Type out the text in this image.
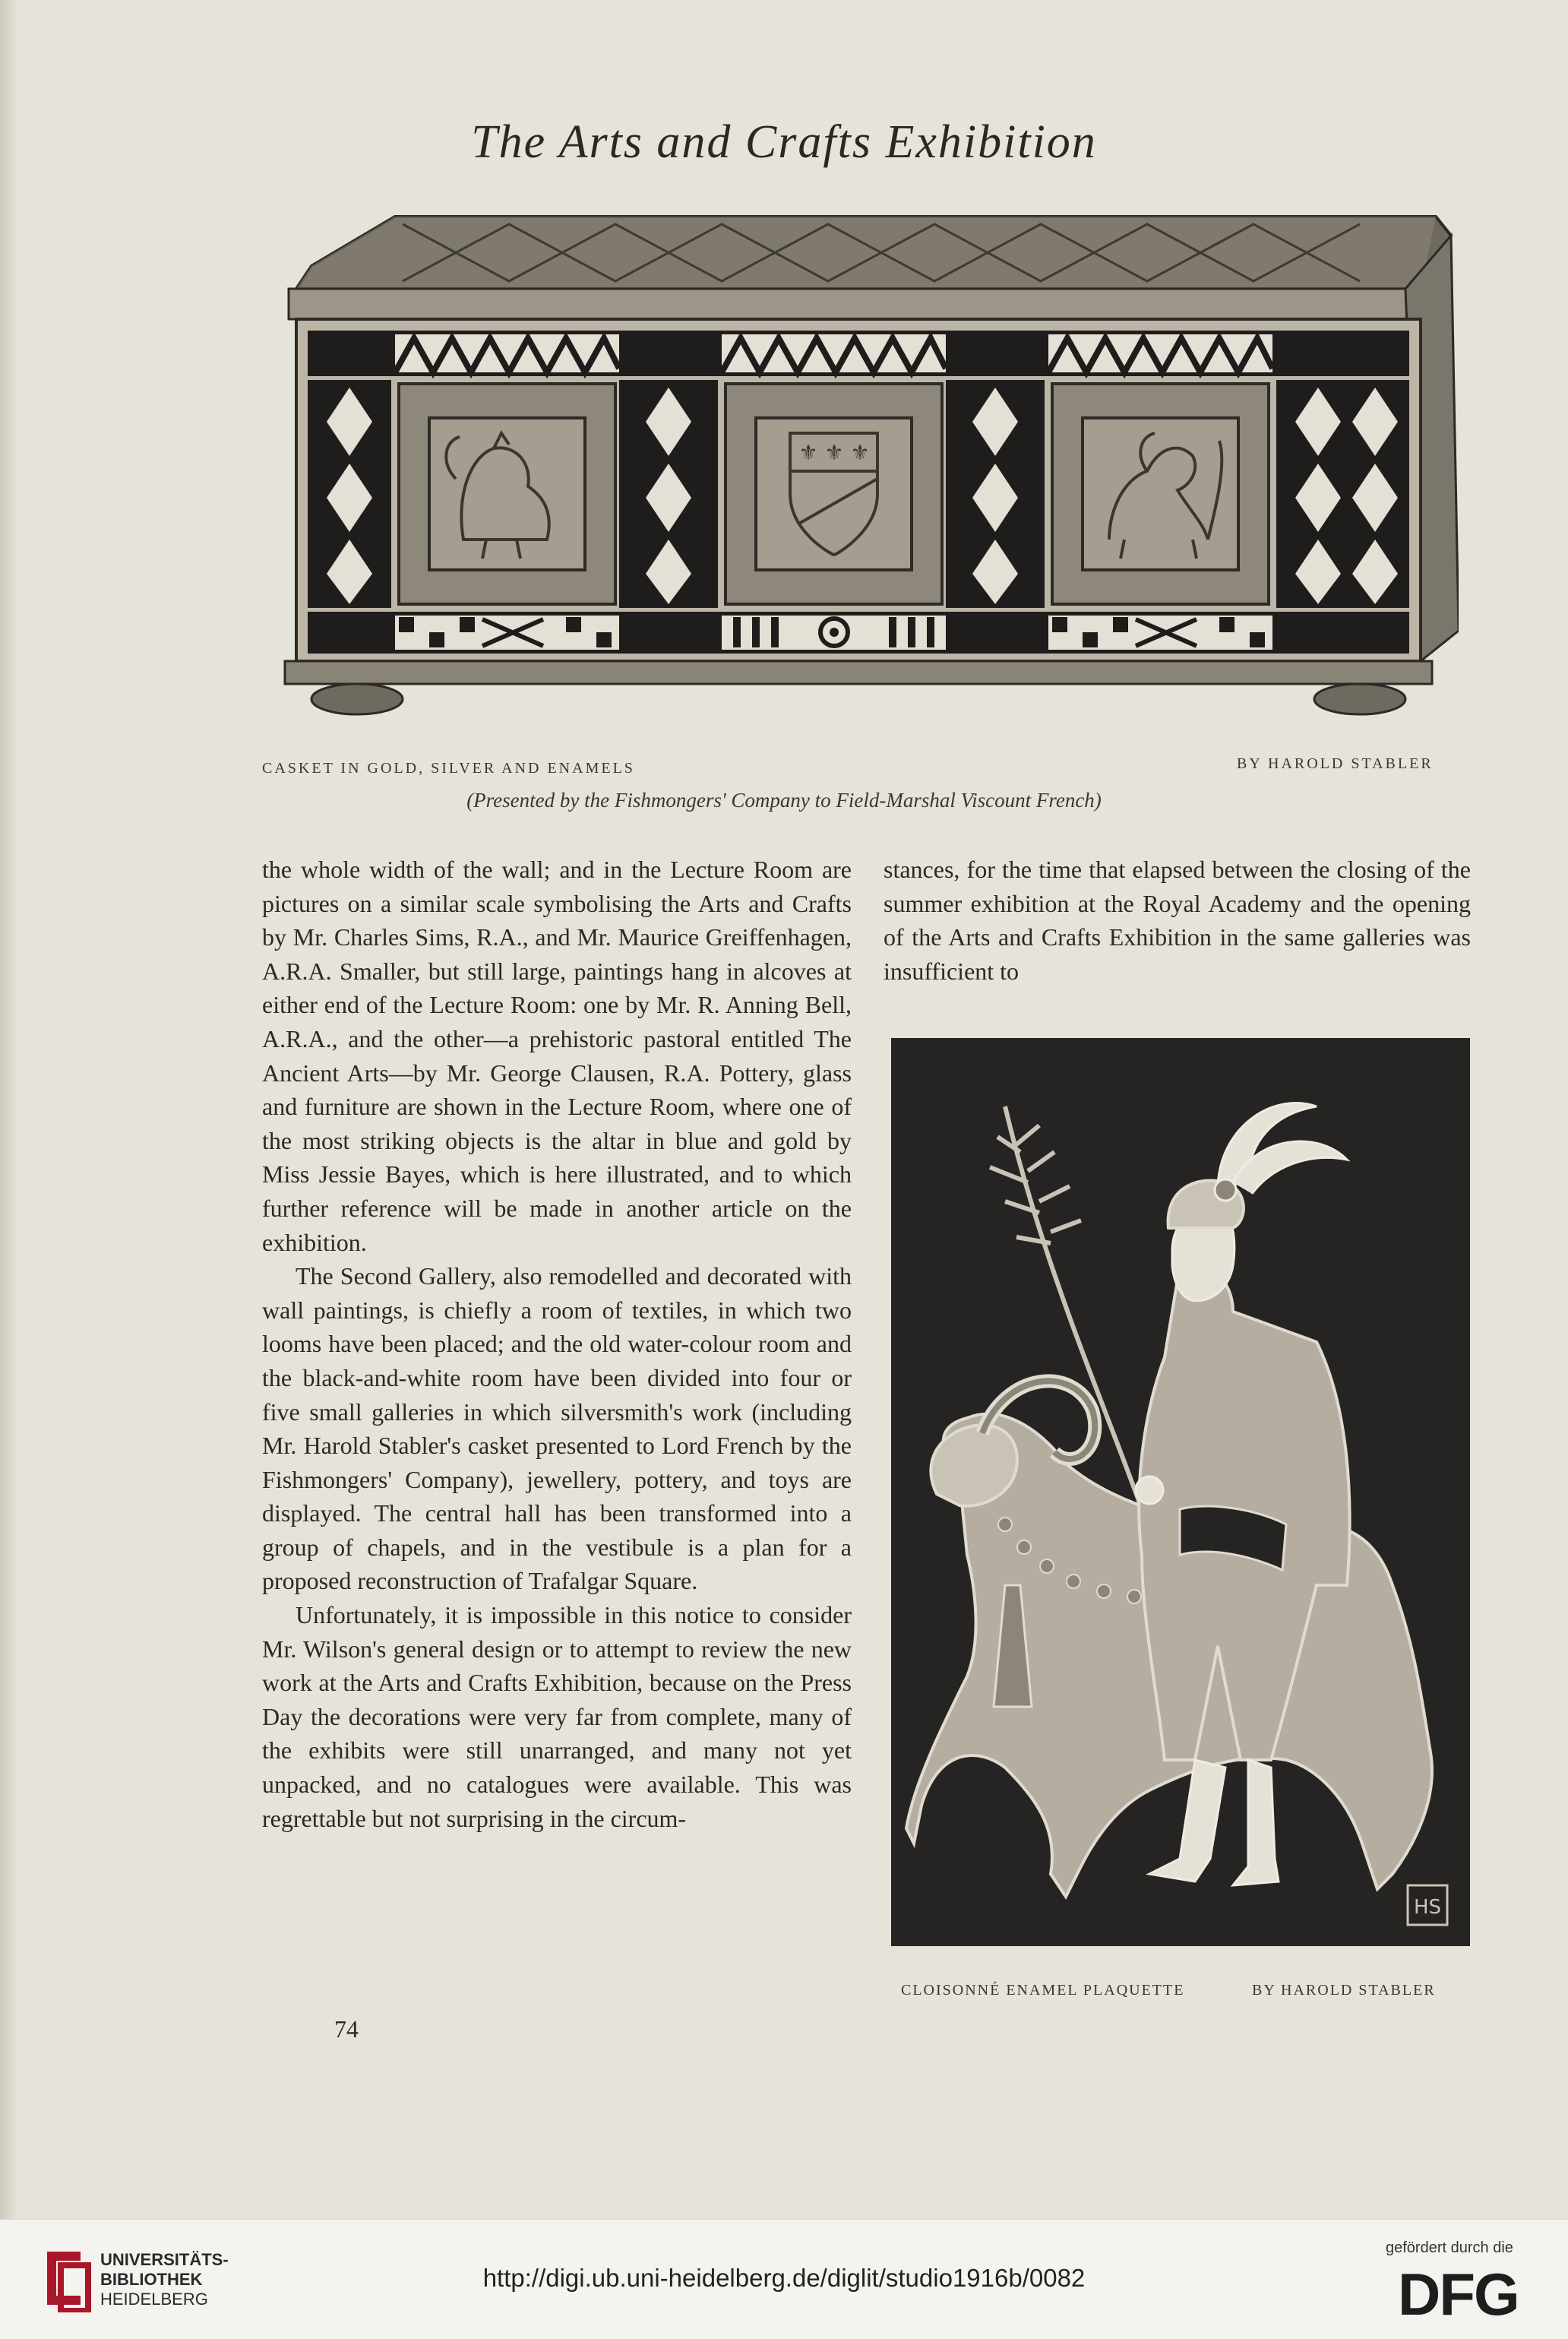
The Arts and Crafts Exhibition
⚜ ⚜ ⚜
CASKET IN GOLD, SILVER AND ENAMELS	BY HAROLD STABLER
(Presented by the Fishmongers' Company to Field-Marshal Viscount French)

the whole width of the wall; and in the Lecture Room are pictures on a similar scale symbolising the Arts and Crafts by Mr. Charles Sims, R.A., and Mr. Maurice Greiffenhagen, A.R.A. Smaller, but still large, paintings hang in alcoves at either end of the Lecture Room: one by Mr. R. Anning Bell, A.R.A., and the other—a prehistoric pastoral entitled The Ancient Arts—by Mr. George Clausen, R.A. Pottery, glass and furniture are shown in the Lecture Room, where one of the most striking objects is the altar in blue and gold by Miss Jessie Bayes, which is here illustrated, and to which further reference will be made in another article on the exhibition.

The Second Gallery, also remodelled and decorated with wall paintings, is chiefly a room of textiles, in which two looms have been placed; and the old water-colour room and the black-and-white room have been divided into four or five small galleries in which silversmith's work (including Mr. Harold Stabler's casket presented to Lord French by the Fishmongers' Company), jewellery, pottery, and toys are displayed. The central hall has been transformed into a group of chapels, and in the vestibule is a plan for a proposed reconstruction of Trafalgar Square.

Unfortunately, it is impossible in this notice to consider Mr. Wilson's general design or to attempt to review the new work at the Arts and Crafts Exhibition, because on the Press Day the decorations were very far from complete, many of the exhibits were still unarranged, and many not yet unpacked, and no catalogues were available. This was regrettable but not surprising in the circum-

stances, for the time that elapsed between the closing of the summer exhibition at the Royal Academy and the opening of the Arts and Crafts Exhibition in the same galleries was insufficient to

HS
CLOISONNÉ ENAMEL PLAQUETTE	BY HAROLD STABLER
74
UNIVERSITÄTS-
BIBLIOTHEK
HEIDELBERG
http://digi.ub.uni-heidelberg.de/diglit/studio1916b/0082
gefördert durch die
DFG
